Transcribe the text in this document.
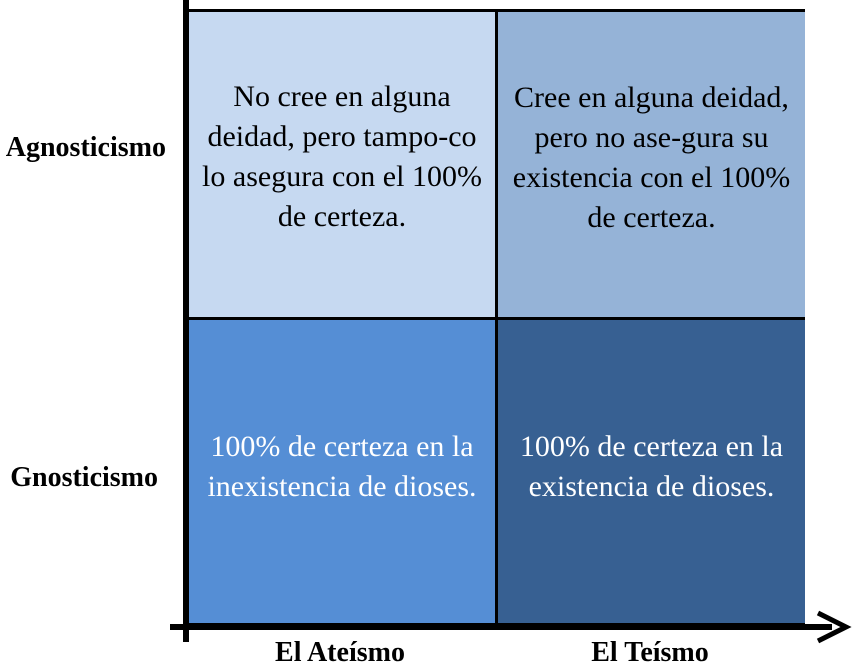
Agnosticismo
Gnosticismo
No cree en alguna deidad, pero tampo-co lo asegura con el 100% de certeza.
Cree en alguna deidad, pero no ase-gura su existencia con el 100% de certeza.
100% de certeza en la inexistencia de dioses.
100% de certeza en la existencia de dioses.
El Ateísmo	El Teísmo
